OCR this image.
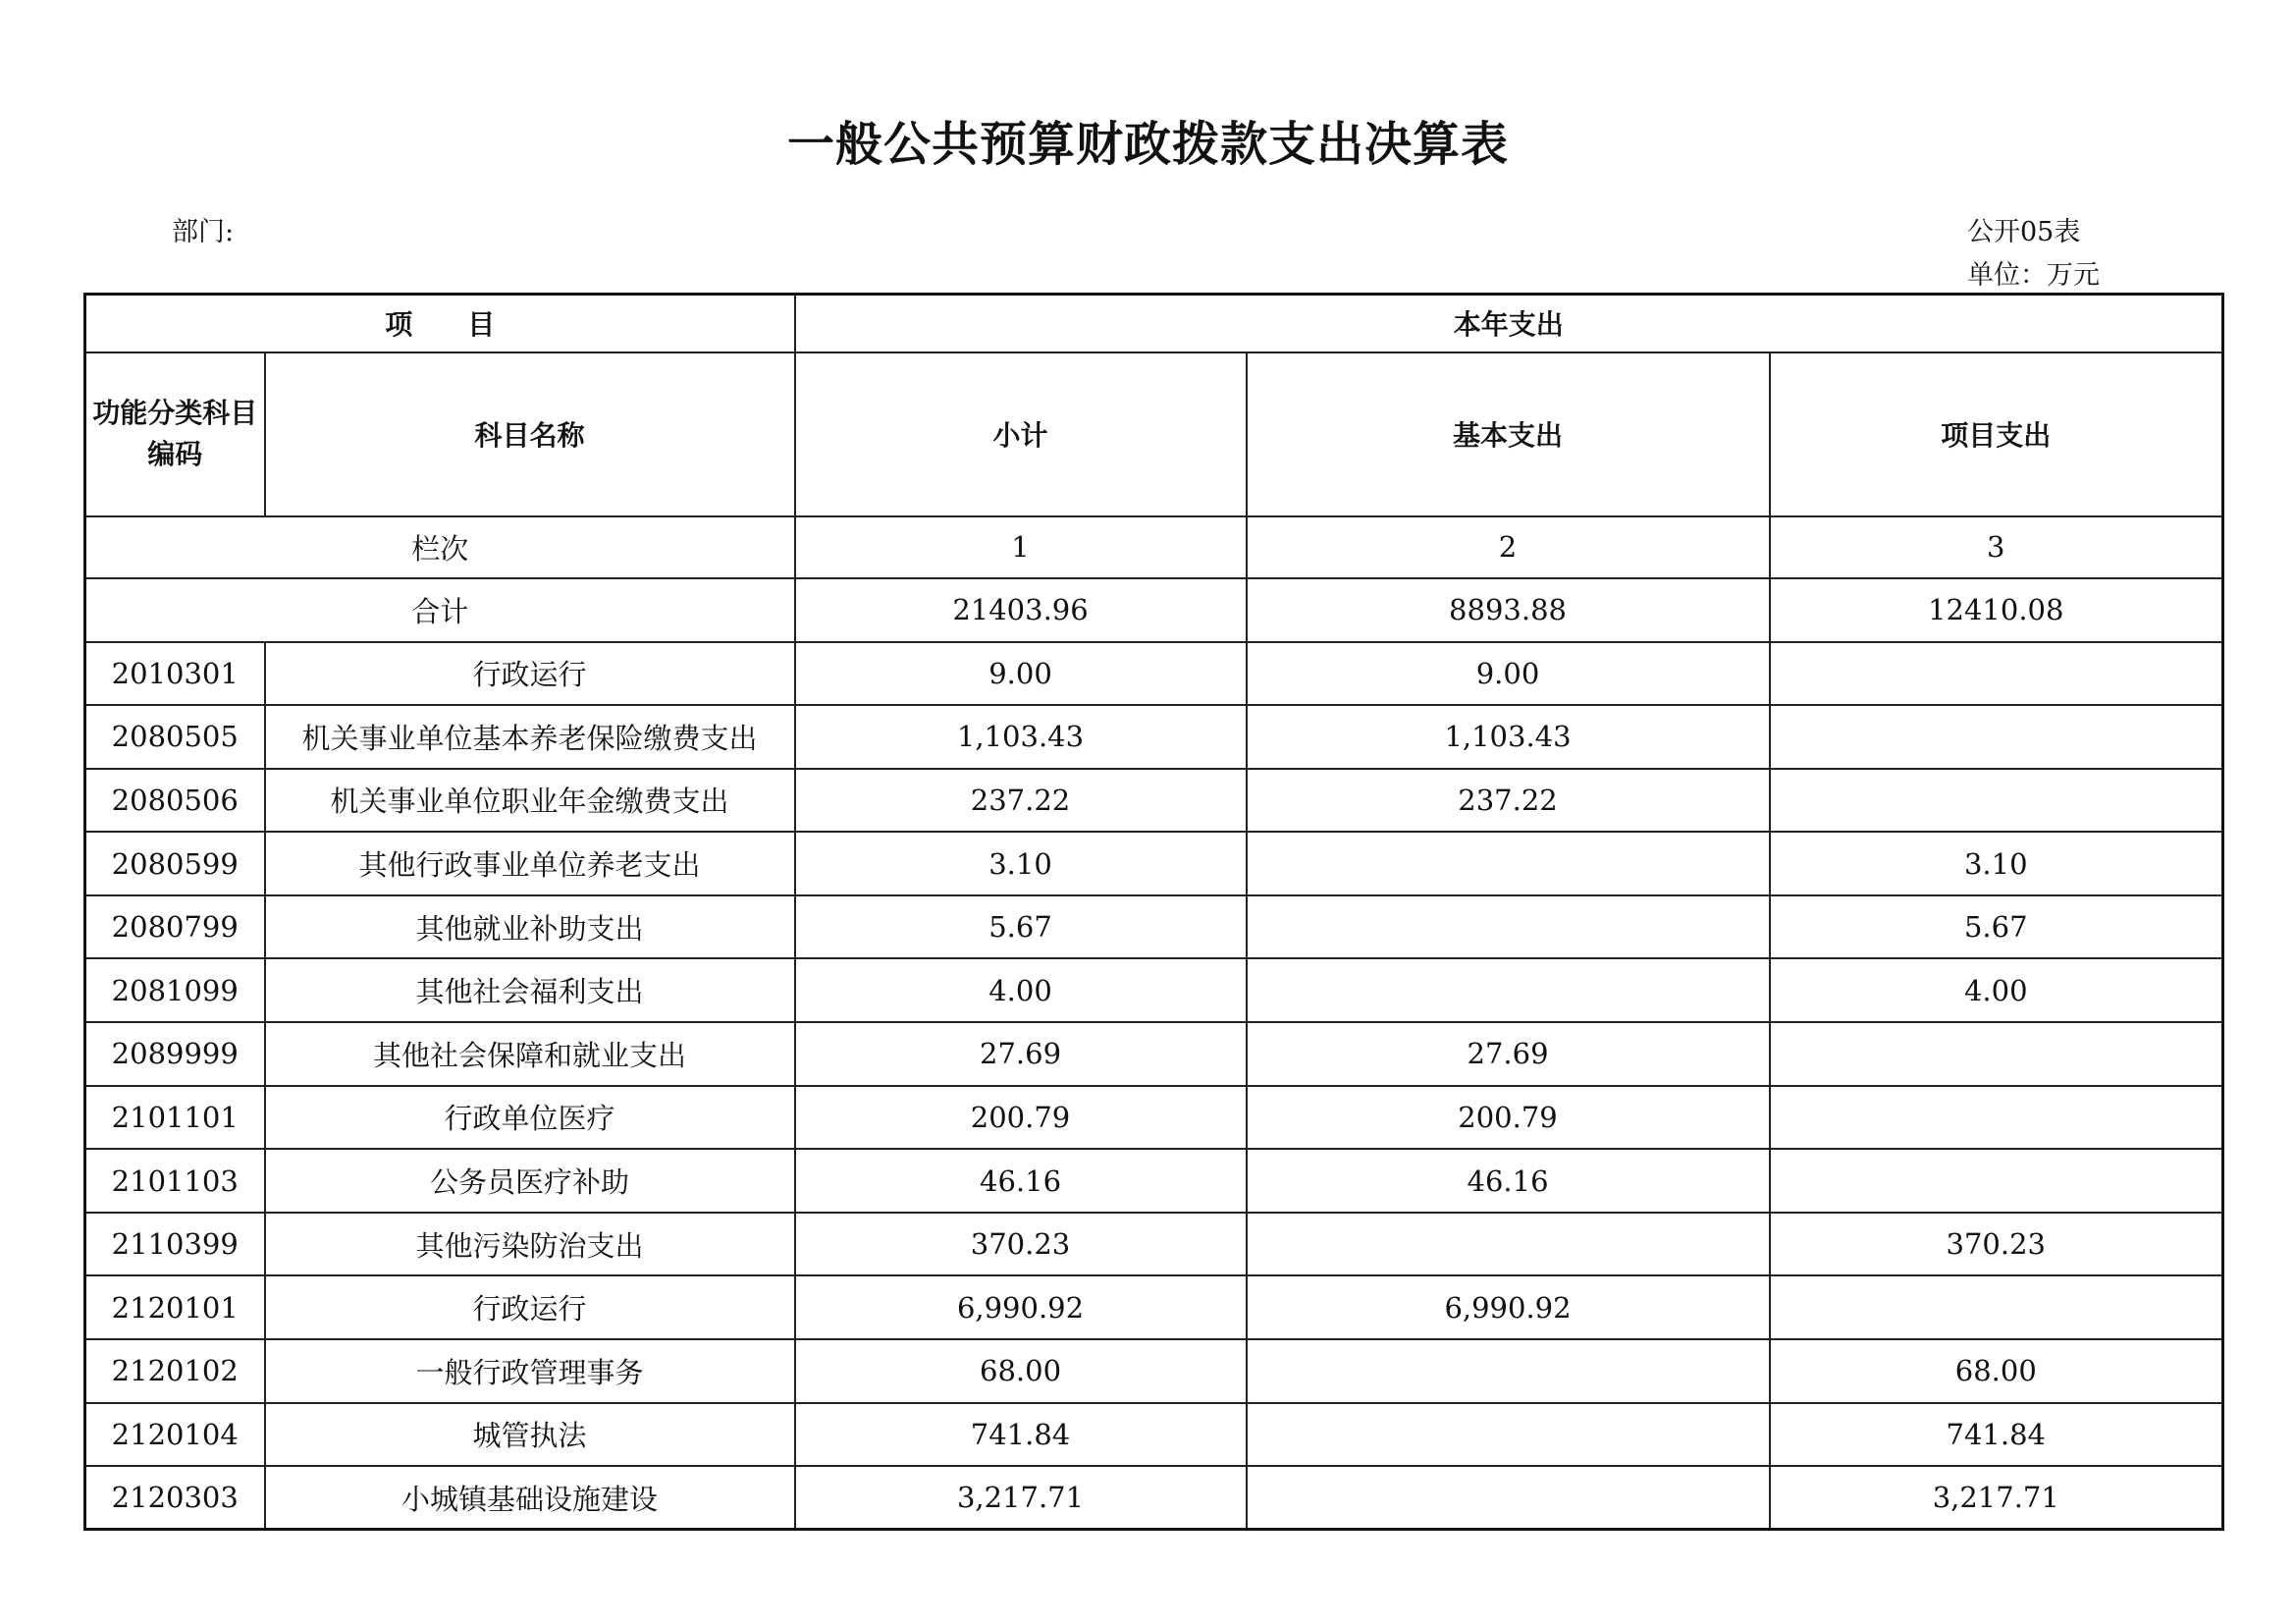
一般公共预算财政拨款支出决算表
部门:	公开05表
单位：万元
项　　目		本年支出		
功能分类科目编码	科目名称	小计	基本支出	项目支出
栏次		1	2	3
合计		21403.96	8893.88	12410.08
2010301	行政运行	9.00	9.00	
2080505	机关事业单位基本养老保险缴费支出	1,103.43	1,103.43	
2080506	机关事业单位职业年金缴费支出	237.22	237.22	
2080599	其他行政事业单位养老支出	3.10		3.10
2080799	其他就业补助支出	5.67		5.67
2081099	其他社会福利支出	4.00		4.00
2089999	其他社会保障和就业支出	27.69	27.69	
2101101	行政单位医疗	200.79	200.79	
2101103	公务员医疗补助	46.16	46.16	
2110399	其他污染防治支出	370.23		370.23
2120101	行政运行	6,990.92	6,990.92	
2120102	一般行政管理事务	68.00		68.00
2120104	城管执法	741.84		741.84
2120303	小城镇基础设施建设	3,217.71		3,217.71
